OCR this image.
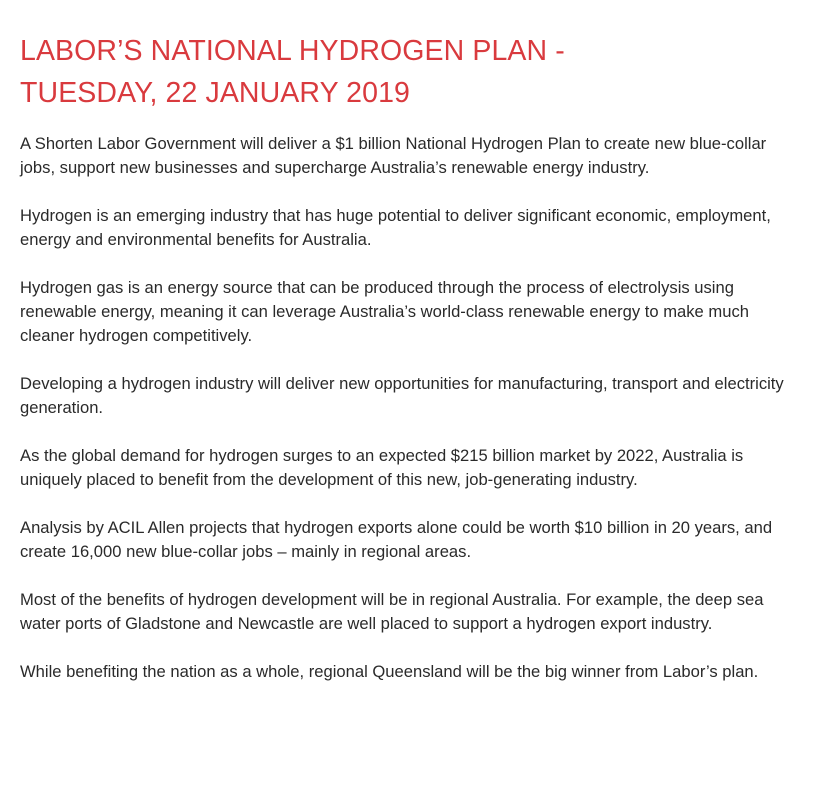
LABOR’S NATIONAL HYDROGEN PLAN -
TUESDAY, 22 JANUARY 2019

A Shorten Labor Government will deliver a $1 billion National Hydrogen Plan to create new blue-collar jobs, support new businesses and supercharge Australia’s renewable energy industry.

Hydrogen is an emerging industry that has huge potential to deliver significant economic, employment, energy and environmental benefits for Australia.

Hydrogen gas is an energy source that can be produced through the process of electrolysis using renewable energy, meaning it can leverage Australia’s world-class renewable energy to make much cleaner hydrogen competitively.

Developing a hydrogen industry will deliver new opportunities for manufacturing, transport and electricity generation.

As the global demand for hydrogen surges to an expected $215 billion market by 2022, Australia is uniquely placed to benefit from the development of this new, job-generating industry.

Analysis by ACIL Allen projects that hydrogen exports alone could be worth $10 billion in 20 years, and create 16,000 new blue-collar jobs – mainly in regional areas.

Most of the benefits of hydrogen development will be in regional Australia. For example, the deep sea water ports of Gladstone and Newcastle are well placed to support a hydrogen export industry.

While benefiting the nation as a whole, regional Queensland will be the big winner from Labor’s plan.
